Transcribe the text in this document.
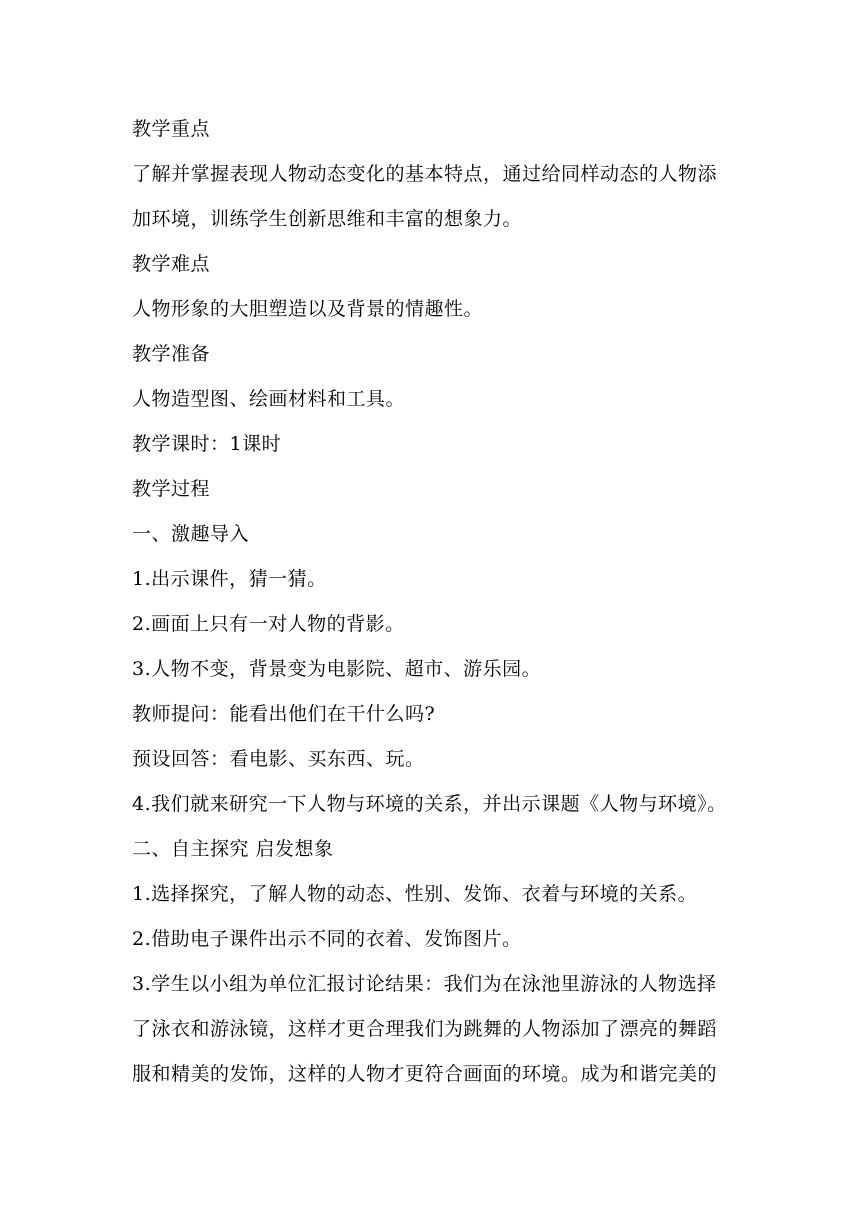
教学重点
了解并掌握表现人物动态变化的基本特点，通过给同样动态的人物添
加环境，训练学生创新思维和丰富的想象力。
教学难点
人物形象的大胆塑造以及背景的情趣性。
教学准备
人物造型图、绘画材料和工具。
教学课时：1课时
教学过程
一、激趣导入
1.出示课件，猜一猜。
2.画面上只有一对人物的背影。
3.人物不变，背景变为电影院、超市、游乐园。
教师提问：能看出他们在干什么吗?
预设回答：看电影、买东西、玩。
4.我们就来研究一下人物与环境的关系，并出示课题《人物与环境》。
二、自主探究 启发想象
1.选择探究，了解人物的动态、性别、发饰、衣着与环境的关系。
2.借助电子课件出示不同的衣着、发饰图片。
3.学生以小组为单位汇报讨论结果：我们为在泳池里游泳的人物选择
了泳衣和游泳镜，这样才更合理我们为跳舞的人物添加了漂亮的舞蹈
服和精美的发饰，这样的人物才更符合画面的环境。成为和谐完美的
